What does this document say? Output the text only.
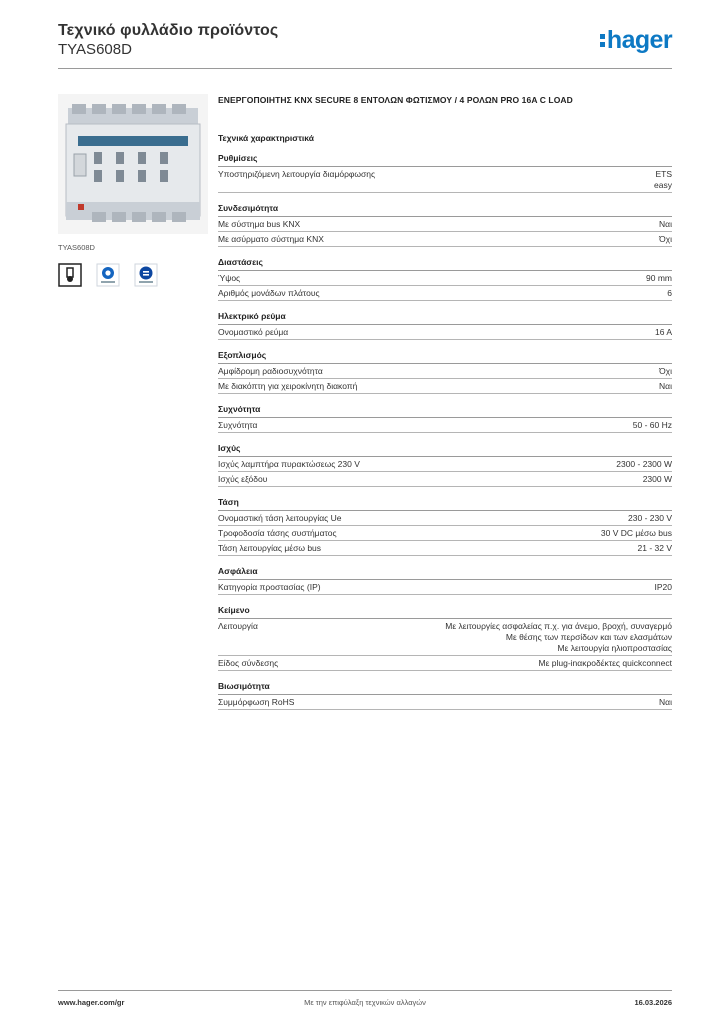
Τεχνικό φυλλάδιο προϊόντος
TYAS608D	hager
TYAS608D
ΕΝΕΡΓΟΠΟΙΗΤΗΣ KNX SECURE 8 ΕΝΤΟΛΩΝ ΦΩΤΙΣΜΟΥ / 4 ΡΟΛΩΝ PRO 16A C LOAD
Τεχνικά χαρακτηριστικά
Ρυθμίσεις
Υποστηριζόμενη λειτουργία διαμόρφωσης	ETS
easy
Συνδεσιμότητα
Με σύστημα bus KNX	Ναι
Με ασύρματο σύστημα KNX	Όχι
Διαστάσεις
Ύψος	90 mm
Αριθμός μονάδων πλάτους	6
Ηλεκτρικό ρεύμα
Ονομαστικό ρεύμα	16 A
Εξοπλισμός
Αμφίδρομη ραδιοσυχνότητα	Όχι
Με διακόπτη για χειροκίνητη διακοπή	Ναι
Συχνότητα
Συχνότητα	50 - 60 Hz
Ισχύς
Ισχύς λαμπτήρα πυρακτώσεως 230 V	2300 - 2300 W
Ισχύς εξόδου	2300 W
Τάση
Ονομαστική τάση λειτουργίας Ue	230 - 230 V
Τροφοδοσία τάσης συστήματος	30 V DC μέσω bus
Τάση λειτουργίας μέσω bus	21 - 32 V
Ασφάλεια
Κατηγορία προστασίας (IP)	IP20
Κείμενο
Λειτουργία	Με λειτουργίες ασφαλείας π.χ. για άνεμο, βροχή, συναγερμό
Με θέσης των περσίδων και των ελασμάτων
Με λειτουργία ηλιοπροστασίας
Είδος σύνδεσης	Με plug-inακροδέκτες quickconnect
Βιωσιμότητα
Συμμόρφωση RoHS	Ναι
www.hager.com/gr	Με την επιφύλαξη τεχνικών αλλαγών	16.03.2026
